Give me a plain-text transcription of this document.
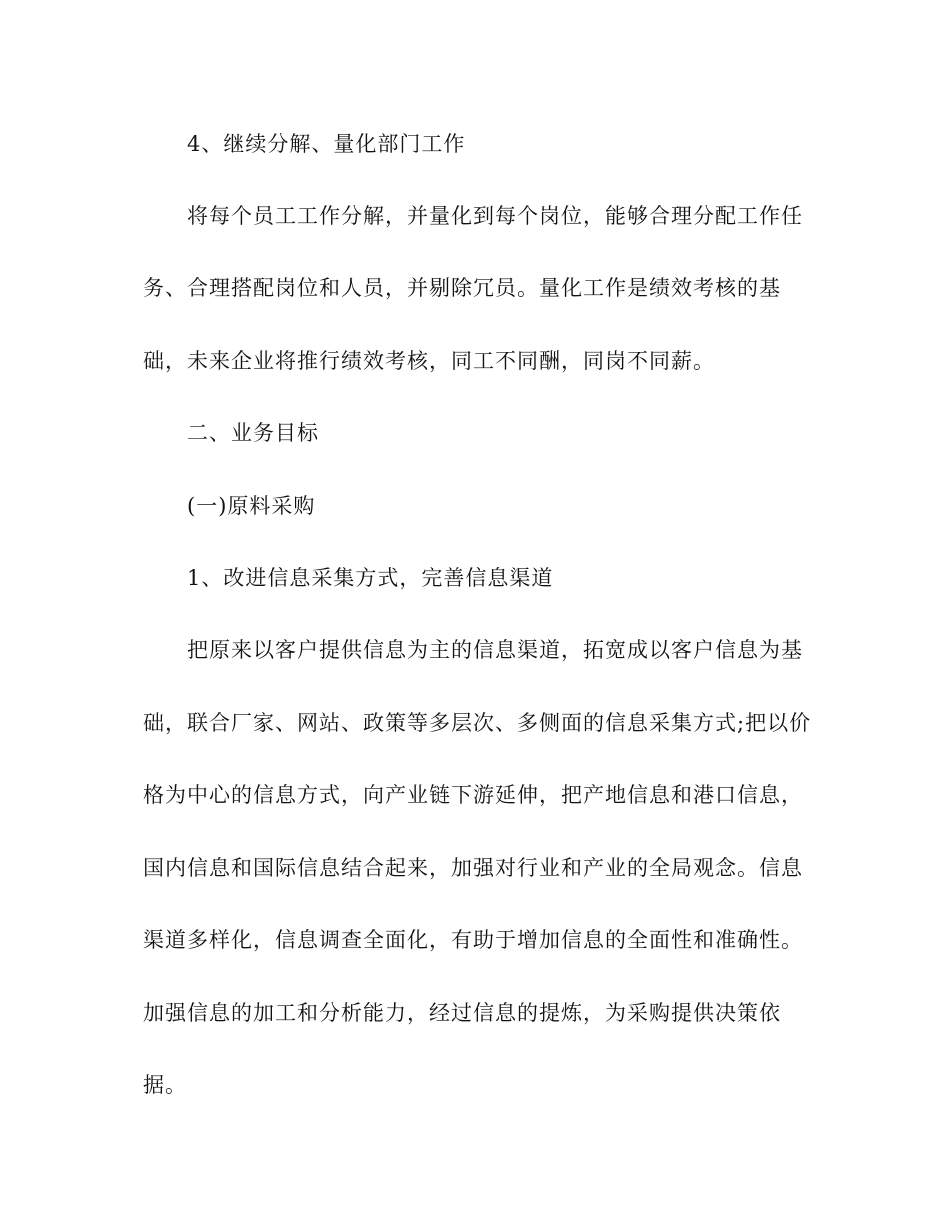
4、继续分解、量化部门工作
将每个员工工作分解，并量化到每个岗位，能够合理分配工作任
务、合理搭配岗位和人员，并剔除冗员。量化工作是绩效考核的基
础，未来企业将推行绩效考核，同工不同酬，同岗不同薪。
二、业务目标
(一)原料采购
1、改进信息采集方式，完善信息渠道
把原来以客户提供信息为主的信息渠道，拓宽成以客户信息为基
础，联合厂家、网站、政策等多层次、多侧面的信息采集方式;把以价
格为中心的信息方式，向产业链下游延伸，把产地信息和港口信息，
国内信息和国际信息结合起来，加强对行业和产业的全局观念。信息
渠道多样化，信息调查全面化，有助于增加信息的全面性和准确性。
加强信息的加工和分析能力，经过信息的提炼，为采购提供决策依
据。
